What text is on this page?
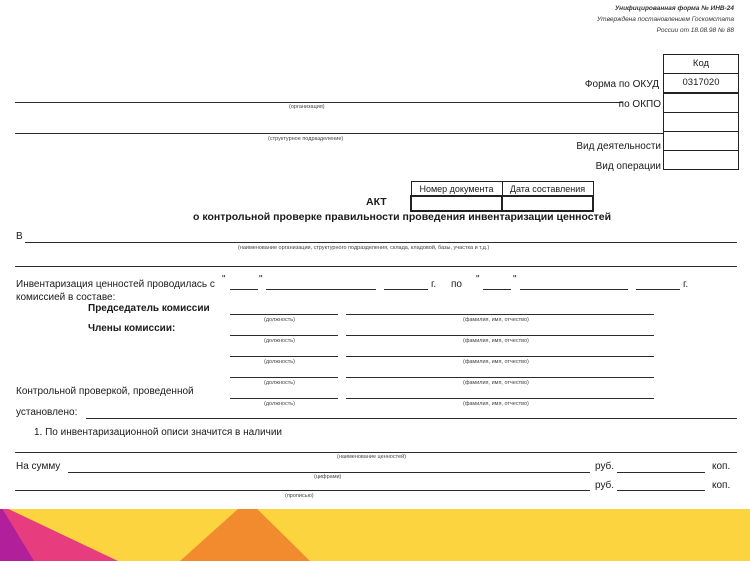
Унифицированная форма № ИНВ-24
Утверждена постановлением Госкомстата
России от 18.08.98 № 88
Код
0317020
Форма по ОКУД
по ОКПО
Вид деятельности
Вид операции
(организация)
(структурное подразделение)
Номер документа	Дата составления

АКТ
о контрольной проверке правильности проведения инвентаризации ценностей
В
(наименование организации, структурного подразделения, склада, кладовой, базы, участка и т.д.)
Инвентаризация ценностей проводилась с
комиссией в составе:
"	"	г. по "	"	г.
Председатель комиссии
Члены комиссии:
(должность)	(фамилия, имя, отчество)
(должность)	(фамилия, имя, отчество)
(должность)	(фамилия, имя, отчество)
(должность)	(фамилия, имя, отчество)
(должность)	(фамилия, имя, отчество)
Контрольной проверкой, проведенной
установлено:
1. По инвентаризационной описи значится в наличии
(наименование ценностей)
На сумму
(цифрами)
руб.	коп.
(прописью)
руб.	коп.
